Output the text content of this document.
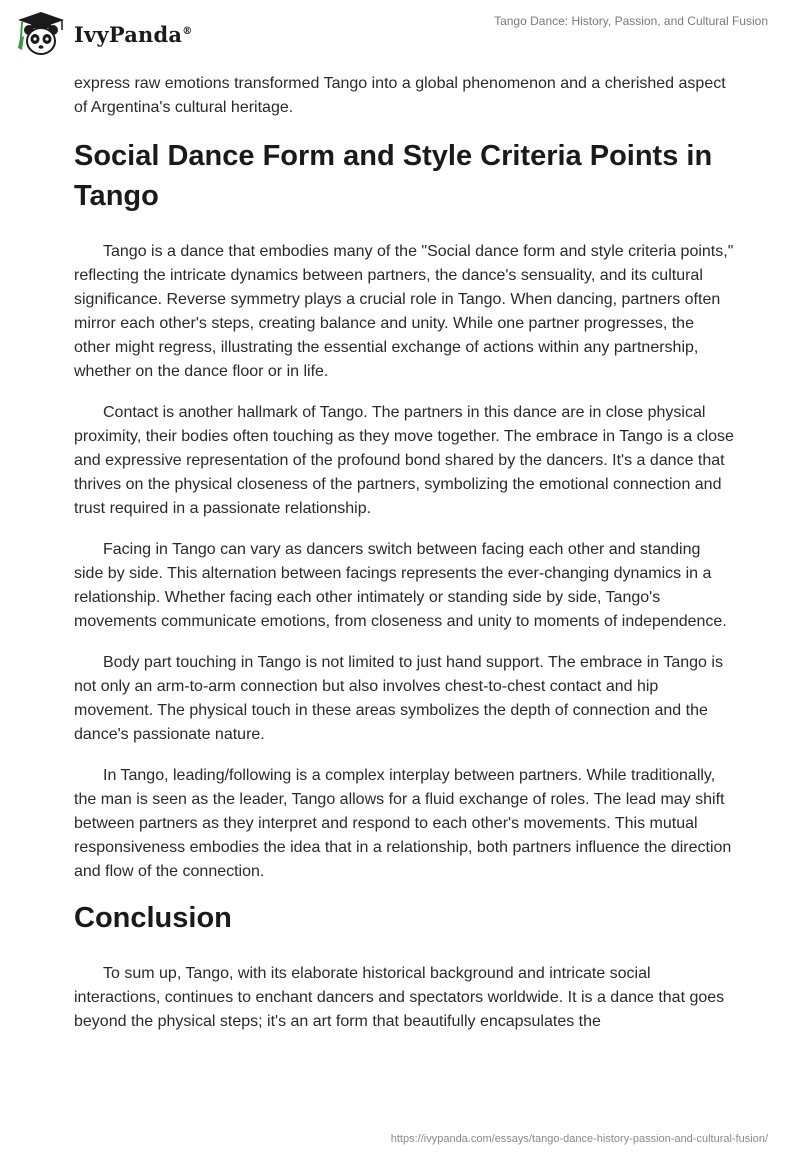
IvyPanda®
Tango Dance: History, Passion, and Cultural Fusion

express raw emotions transformed Tango into a global phenomenon and a cherished aspect of Argentina's cultural heritage.

Social Dance Form and Style Criteria Points in Tango

Tango is a dance that embodies many of the "Social dance form and style criteria points," reflecting the intricate dynamics between partners, the dance's sensuality, and its cultural significance. Reverse symmetry plays a crucial role in Tango. When dancing, partners often mirror each other's steps, creating balance and unity. While one partner progresses, the other might regress, illustrating the essential exchange of actions within any partnership, whether on the dance floor or in life.

Contact is another hallmark of Tango. The partners in this dance are in close physical proximity, their bodies often touching as they move together. The embrace in Tango is a close and expressive representation of the profound bond shared by the dancers. It's a dance that thrives on the physical closeness of the partners, symbolizing the emotional connection and trust required in a passionate relationship.

Facing in Tango can vary as dancers switch between facing each other and standing side by side. This alternation between facings represents the ever-changing dynamics in a relationship. Whether facing each other intimately or standing side by side, Tango's movements communicate emotions, from closeness and unity to moments of independence.

Body part touching in Tango is not limited to just hand support. The embrace in Tango is not only an arm-to-arm connection but also involves chest-to-chest contact and hip movement. The physical touch in these areas symbolizes the depth of connection and the dance's passionate nature.

In Tango, leading/following is a complex interplay between partners. While traditionally, the man is seen as the leader, Tango allows for a fluid exchange of roles. The lead may shift between partners as they interpret and respond to each other's movements. This mutual responsiveness embodies the idea that in a relationship, both partners influence the direction and flow of the connection.

Conclusion

To sum up, Tango, with its elaborate historical background and intricate social interactions, continues to enchant dancers and spectators worldwide. It is a dance that goes beyond the physical steps; it's an art form that beautifully encapsulates the

https://ivypanda.com/essays/tango-dance-history-passion-and-cultural-fusion/
